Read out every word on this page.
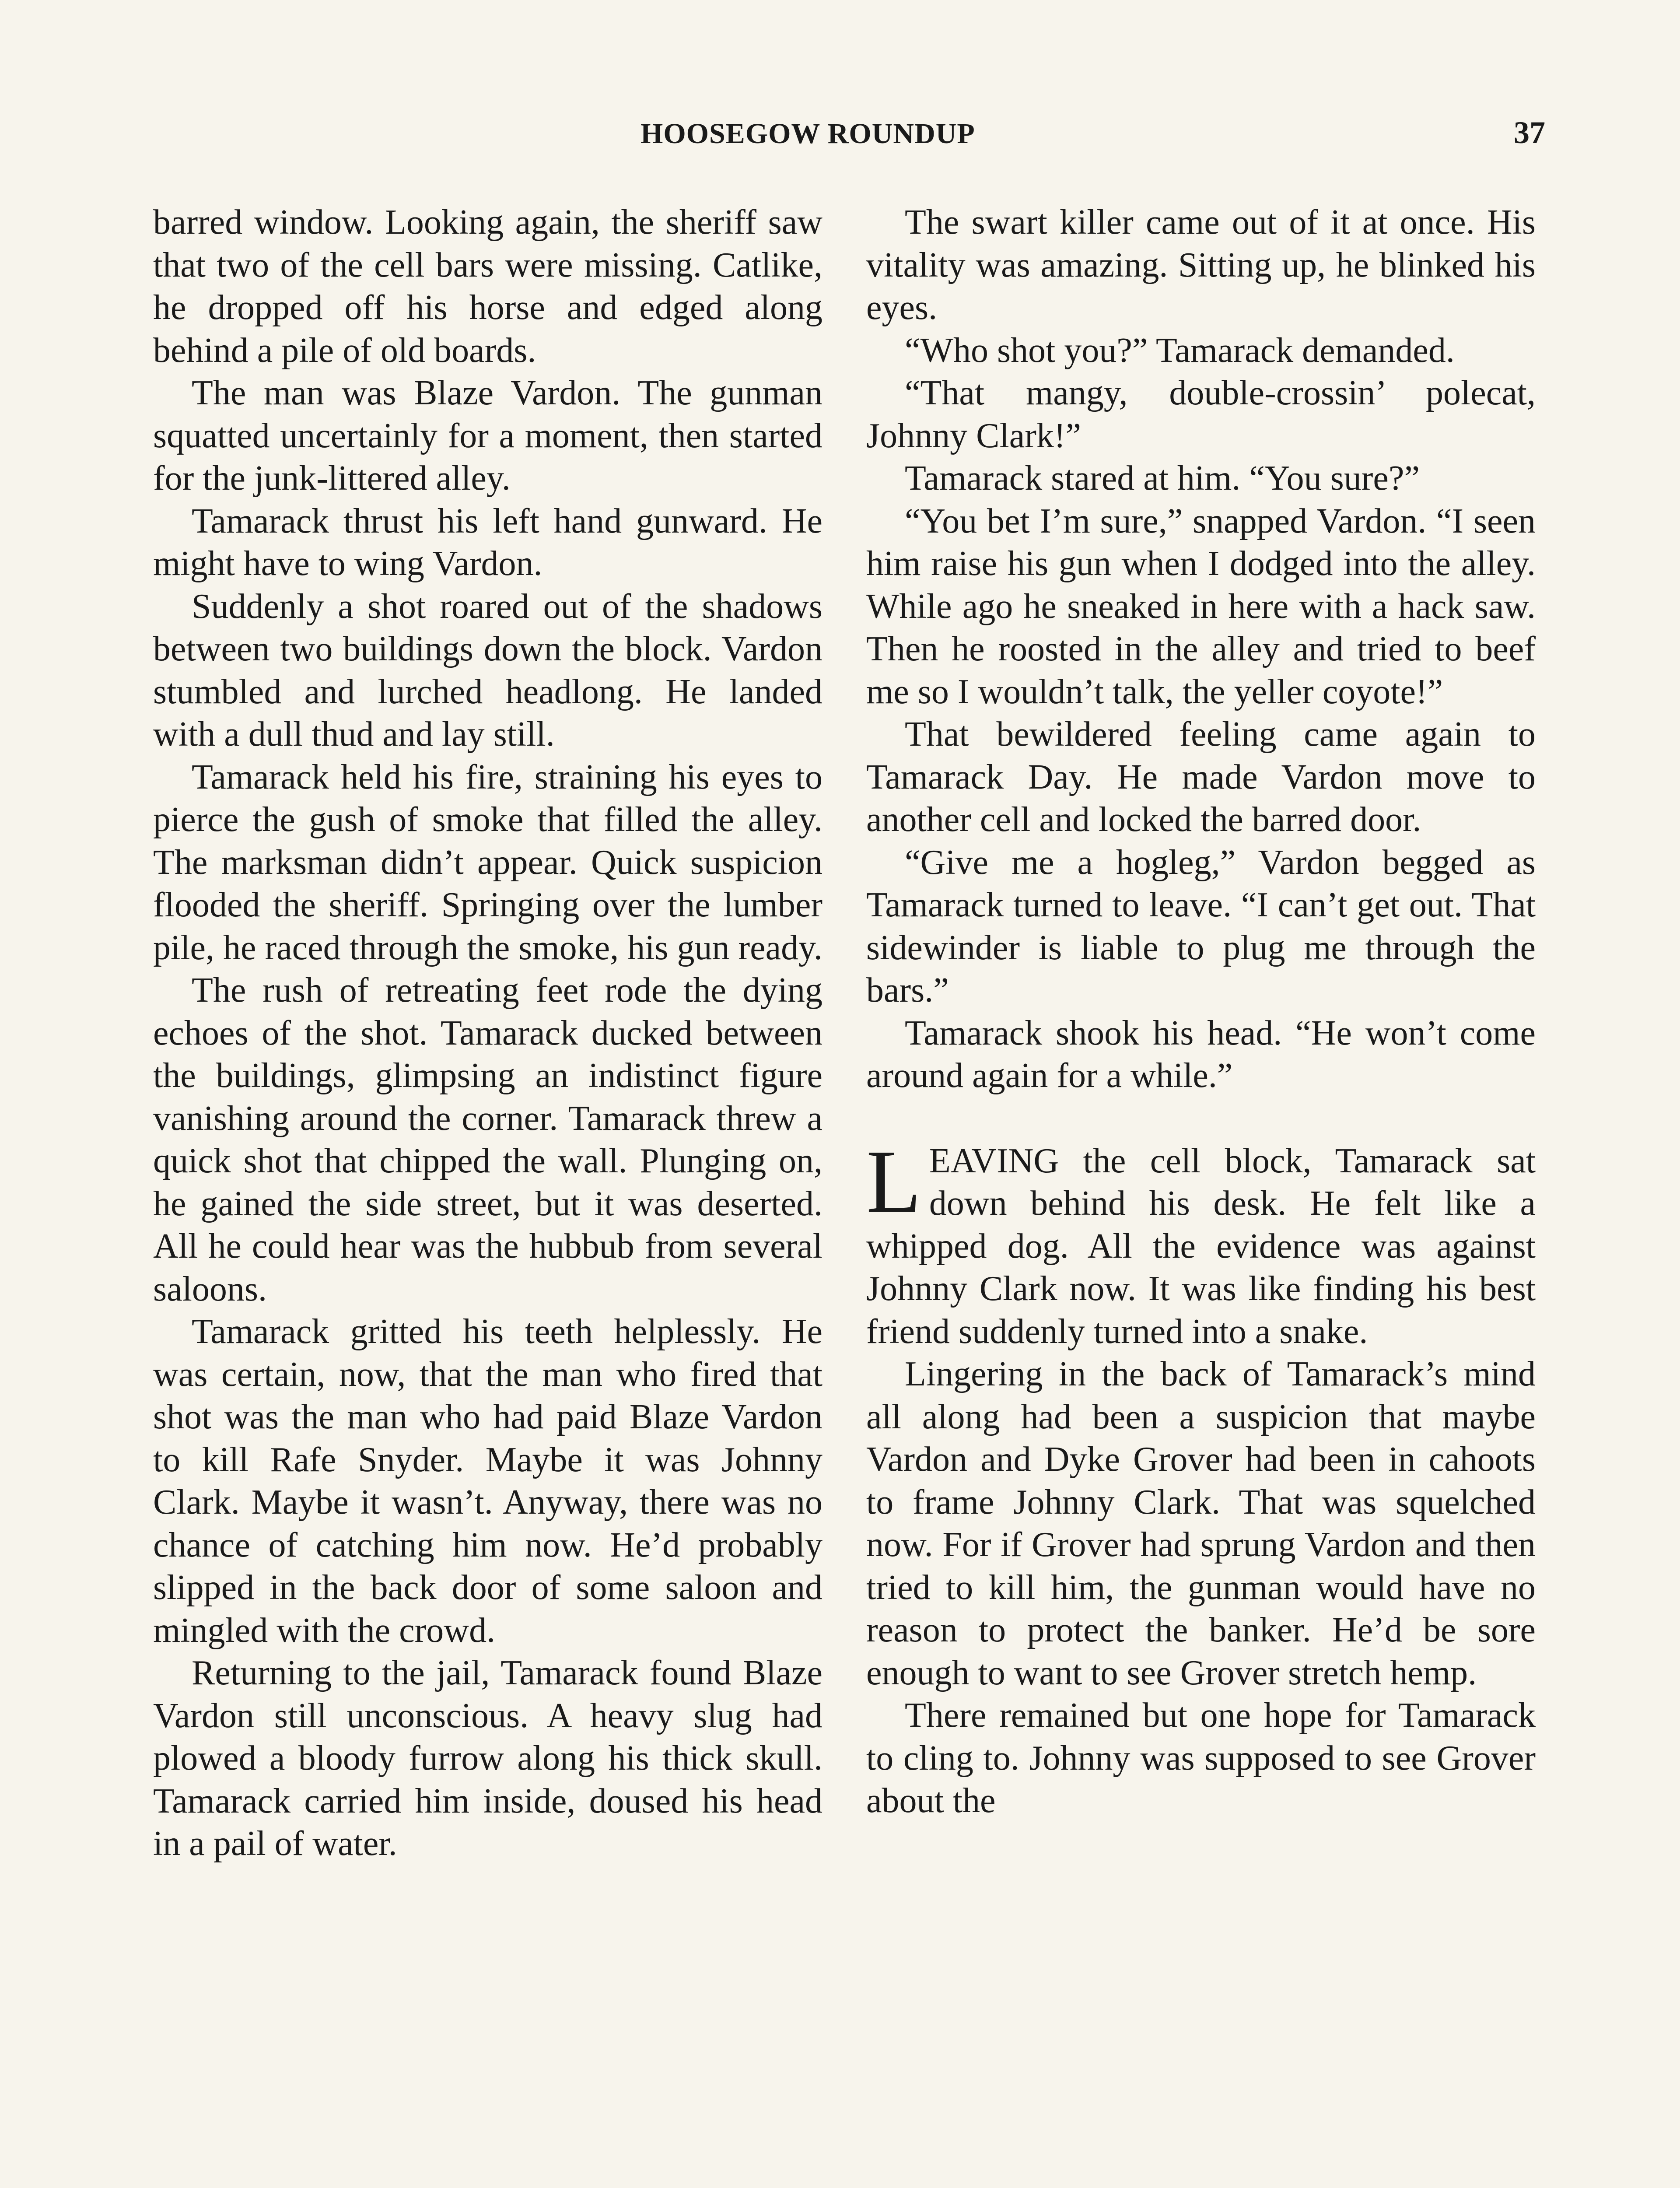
HOOSEGOW ROUNDUP	37

barred window. Looking again, the sheriff saw that two of the cell bars were missing. Catlike, he dropped off his horse and edged along behind a pile of old boards.

The man was Blaze Vardon. The gunman squatted uncertainly for a moment, then started for the junk-littered alley.

Tamarack thrust his left hand gunward. He might have to wing Vardon.

Suddenly a shot roared out of the shadows between two buildings down the block. Vardon stumbled and lurched headlong. He landed with a dull thud and lay still.

Tamarack held his fire, straining his eyes to pierce the gush of smoke that filled the alley. The marksman didn’t appear. Quick suspicion flooded the sheriff. Springing over the lumber pile, he raced through the smoke, his gun ready.

The rush of retreating feet rode the dying echoes of the shot. Tamarack ducked between the buildings, glimpsing an indistinct figure vanishing around the corner. Tamarack threw a quick shot that chipped the wall. Plunging on, he gained the side street, but it was deserted. All he could hear was the hubbub from several saloons.

Tamarack gritted his teeth helplessly. He was certain, now, that the man who fired that shot was the man who had paid Blaze Vardon to kill Rafe Snyder. Maybe it was Johnny Clark. Maybe it wasn’t. Anyway, there was no chance of catching him now. He’d probably slipped in the back door of some saloon and mingled with the crowd.

Returning to the jail, Tamarack found Blaze Vardon still unconscious. A heavy slug had plowed a bloody furrow along his thick skull. Tamarack carried him inside, doused his head in a pail of water.

The swart killer came out of it at once. His vitality was amazing. Sitting up, he blinked his eyes.

“Who shot you?” Tamarack demanded.

“That mangy, double-crossin’ polecat, Johnny Clark!”

Tamarack stared at him. “You sure?”

“You bet I’m sure,” snapped Vardon. “I seen him raise his gun when I dodged into the alley. While ago he sneaked in here with a hack saw. Then he roosted in the alley and tried to beef me so I wouldn’t talk, the yeller coyote!”

That bewildered feeling came again to Tamarack Day. He made Vardon move to another cell and locked the barred door.

“Give me a hogleg,” Vardon begged as Tamarack turned to leave. “I can’t get out. That sidewinder is liable to plug me through the bars.”

Tamarack shook his head. “He won’t come around again for a while.”

LEAVING the cell block, Tamarack sat down behind his desk. He felt like a whipped dog. All the evidence was against Johnny Clark now. It was like finding his best friend suddenly turned into a snake.

Lingering in the back of Tamarack’s mind all along had been a suspicion that maybe Vardon and Dyke Grover had been in cahoots to frame Johnny Clark. That was squelched now. For if Grover had sprung Vardon and then tried to kill him, the gunman would have no reason to protect the banker. He’d be sore enough to want to see Grover stretch hemp.

There remained but one hope for Tamarack to cling to. Johnny was supposed to see Grover about the
